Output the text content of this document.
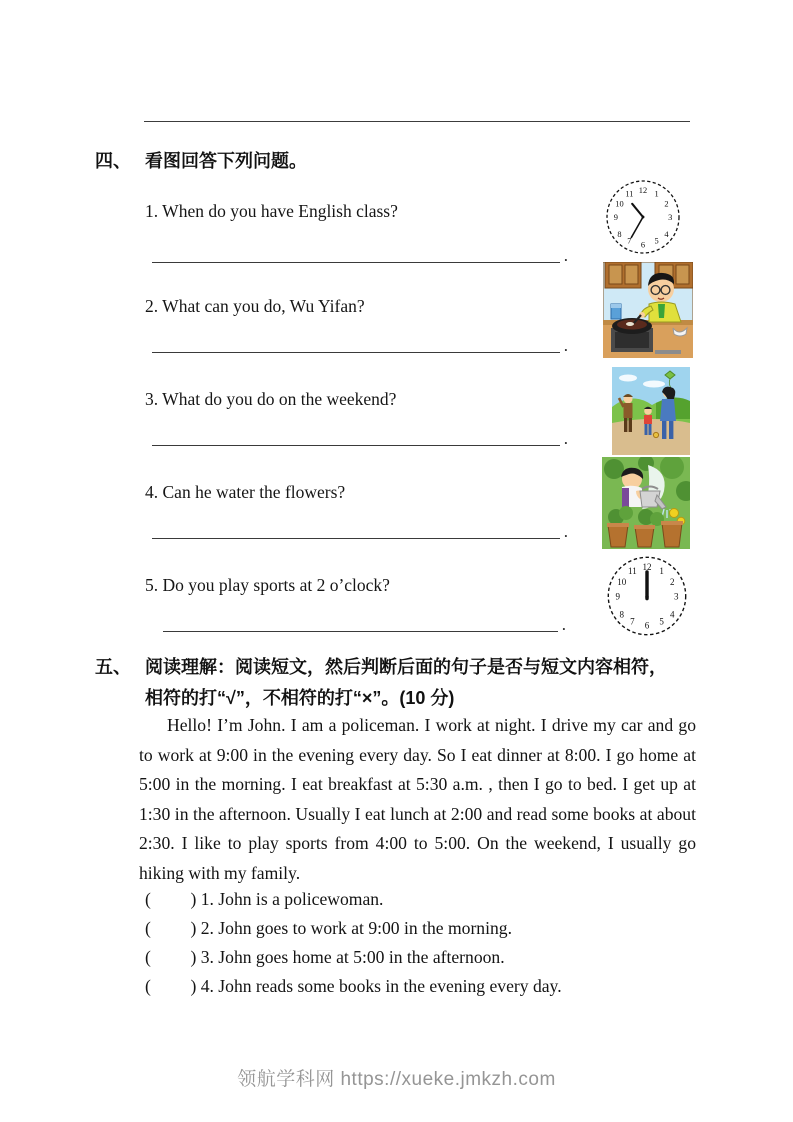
四、 看图回答下列问题。
1. When do you have English class?
.
12 1
2
3
4
5
6
7
8
9
10
11
2. What can you do, Wu Yifan?
.
3. What do you do on the weekend?
.
4. Can he water the flowers?
.
5. Do you play sports at 2 o’clock?
.
12 1
2
3
4
5
6
7
8
9
10
11
五、 阅读理解：阅读短文，然后判断后面的句子是否与短文内容相符，
相符的打“√”，不相符的打“×”。(10 分)
Hello! I’m John. I am a policeman. I work at night. I drive my car and go to work at 9:00 in the evening every day. So I eat dinner at 8:00. I go home at 5:00 in the morning. I eat breakfast at 5:30 a.m. , then I go to bed. I get up at 1:30 in the afternoon. Usually I eat lunch at 2:00 and read some books at about 2:30. I like to play sports from 4:00 to 5:00. On the weekend, I usually go hiking with my family.
(         ) 1. John is a policewoman.
(         ) 2. John goes to work at 9:00 in the morning.
(         ) 3. John goes home at 5:00 in the afternoon.
(         ) 4. John reads some books in the evening every day.
领航学科网 https://xueke.jmkzh.com
